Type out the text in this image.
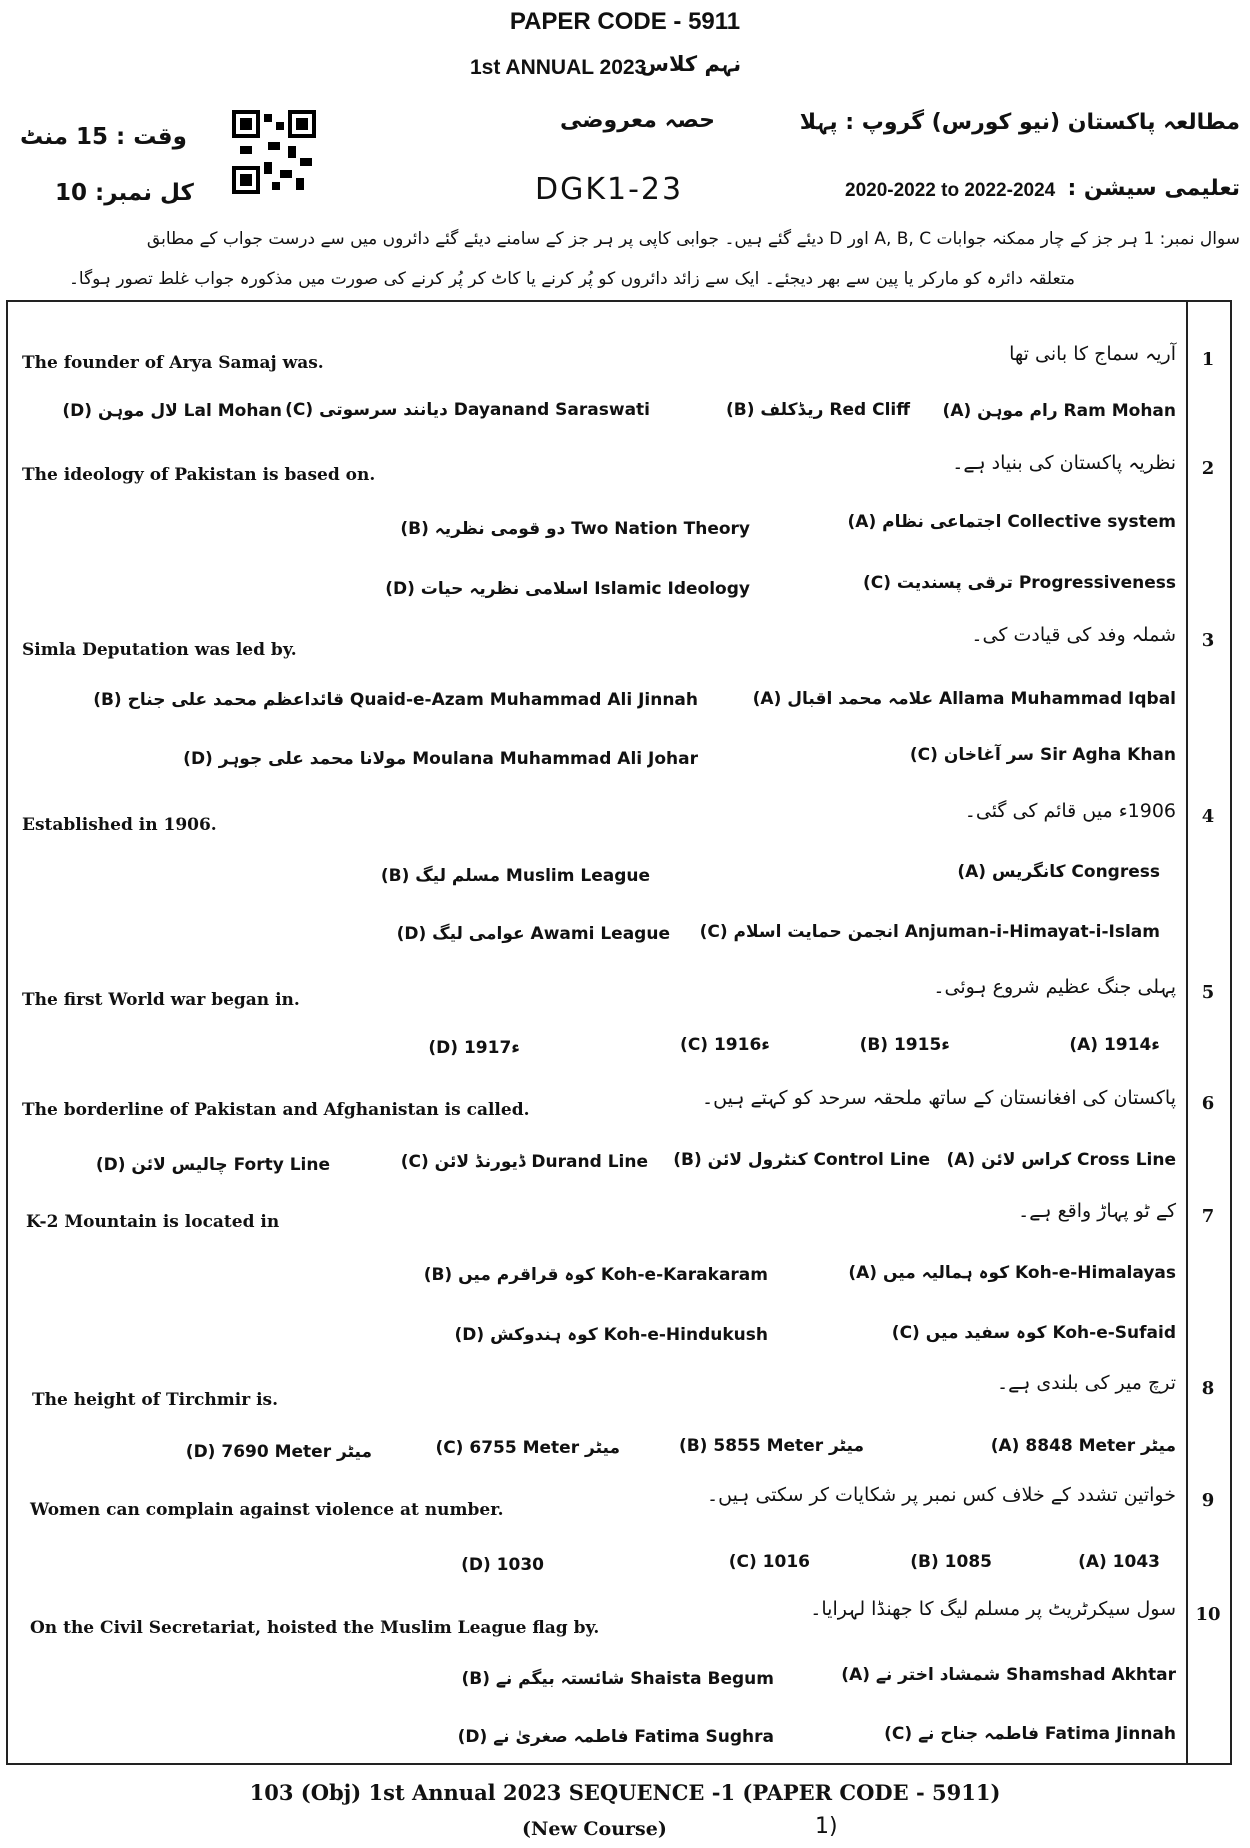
PAPER CODE - 5911
1st ANNUAL 2023
نہم کلاس
مطالعہ پاکستان (نیو کورس) گروپ : پہلا
حصہ معروضی
وقت : 15 منٹ
DGK1-23
کل نمبر: 10	2020-2022 to 2022-2024 تعلیمی سیشن :
سوال نمبر: 1 ہر جز کے چار ممکنہ جوابات A, B, C اور D دیئے گئے ہیں۔ جوابی کاپی پر ہر جز کے سامنے دیئے گئے دائروں میں سے درست جواب کے مطابق
متعلقہ دائرہ کو مارکر یا پین سے بھر دیجئے۔ ایک سے زائد دائروں کو پُر کرنے یا کاٹ کر پُر کرنے کی صورت میں مذکورہ جواب غلط تصور ہوگا۔
1
آریہ سماج کا بانی تھا
The founder of Arya Samaj was.
(A) رام موہن Ram Mohan
(B) ریڈکلف Red Cliff
(C) دیانند سرسوتی Dayanand Saraswati
(D) لال موہن Lal Mohan
2
نظریہ پاکستان کی بنیاد ہے۔
The ideology of Pakistan is based on.
(A) اجتماعی نظام Collective system
(B) دو قومی نظریہ Two Nation Theory
(C) ترقی پسندیت Progressiveness
(D) اسلامی نظریہ حیات Islamic Ideology
3
شملہ وفد کی قیادت کی۔
Simla Deputation was led by.
(A) علامہ محمد اقبال Allama Muhammad Iqbal
(B) قائداعظم محمد علی جناح Quaid-e-Azam Muhammad Ali Jinnah
(C) سر آغاخان Sir Agha Khan
(D) مولانا محمد علی جوہر Moulana Muhammad Ali Johar
4
1906ء میں قائم کی گئی۔
Established in 1906.
(A) کانگریس Congress
(B) مسلم لیگ Muslim League
(C) انجمن حمایت اسلام Anjuman-i-Himayat-i-Islam
(D) عوامی لیگ Awami League
5
پہلی جنگ عظیم شروع ہوئی۔
The first World war began in.
(A) 1914ء
(B) 1915ء
(C) 1916ء
(D) 1917ء
6
پاکستان کی افغانستان کے ساتھ ملحقہ سرحد کو کہتے ہیں۔
The borderline of Pakistan and Afghanistan is called.
(A) کراس لائن Cross Line
(B) کنٹرول لائن Control Line
(C) ڈیورنڈ لائن Durand Line
(D) چالیس لائن Forty Line
7
کے ٹو پہاڑ واقع ہے۔
K-2 Mountain is located in
(A) کوہ ہمالیہ میں Koh-e-Himalayas
(B) کوہ قراقرم میں Koh-e-Karakaram
(C) کوہ سفید میں Koh-e-Sufaid
(D) کوہ ہندوکش Koh-e-Hindukush
8
ترچ میر کی بلندی ہے۔
The height of Tirchmir is.
(A) 8848 Meter میٹر
(B) 5855 Meter میٹر
(C) 6755 Meter میٹر
(D) 7690 Meter میٹر
9
خواتین تشدد کے خلاف کس نمبر پر شکایات کر سکتی ہیں۔
Women can complain against violence at number.
(A) 1043
(B) 1085
(C) 1016
(D) 1030
10
سول سیکرٹریٹ پر مسلم لیگ کا جھنڈا لہرایا۔
On the Civil Secretariat, hoisted the Muslim League flag by.
(A) شمشاد اختر نے Shamshad Akhtar
(B) شائستہ بیگم نے Shaista Begum
(C) فاطمہ جناح نے Fatima Jinnah
(D) فاطمہ صغریٰ نے Fatima Sughra
103 (Obj) 1st Annual 2023 SEQUENCE -1 (PAPER CODE - 5911)
(New Course)	1)
